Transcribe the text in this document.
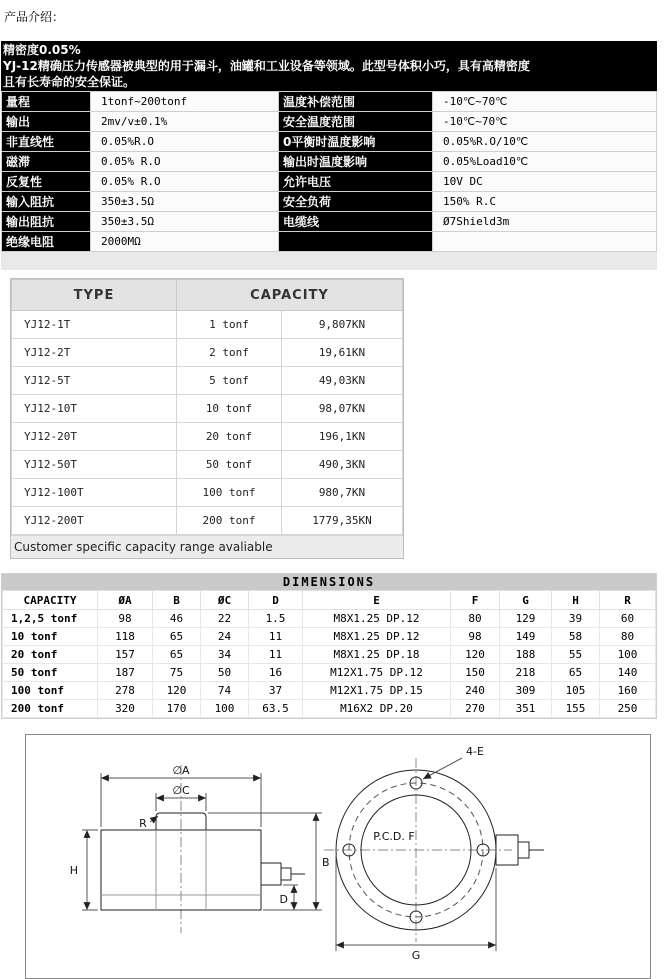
产品介绍：
精密度0.05%
YJ-12精确压力传感器被典型的用于漏斗，油罐和工业设备等领域。此型号体积小巧，具有高精密度
且有长寿命的安全保证。
量程	1tonf~200tonf	温度补偿范围	-10℃~70℃
输出	2mv/v±0.1%	安全温度范围	-10℃~70℃
非直线性	0.05%R.O	0平衡时温度影响	0.05%R.O/10℃
磁滞	0.05% R.O	输出时温度影响	0.05%Load10℃
反复性	0.05% R.O	允许电压	10V DC
输入阻抗	350±3.5Ω	安全负荷	150% R.C
输出阻抗	350±3.5Ω	电缆线	Ø7Shield3m
绝缘电阻	2000MΩ		
TYPE	CAPACITY	
YJ12-1T	1 tonf	9,807KN
YJ12-2T	2 tonf	19,61KN
YJ12-5T	5 tonf	49,03KN
YJ12-10T	10 tonf	98,07KN
YJ12-20T	20 tonf	196,1KN
YJ12-50T	50 tonf	490,3KN
YJ12-100T	100 tonf	980,7KN
YJ12-200T	200 tonf	1779,35KN
Customer specific capacity range avaliable
DIMENSIONS
CAPACITY	ØA	B	ØC	D	E	F	G	H	R
1,2,5 tonf	98	46	22	1.5	M8X1.25 DP.12	80	129	39	60
10 tonf	118	65	24	11	M8X1.25 DP.12	98	149	58	80
20 tonf	157	65	34	11	M8X1.25 DP.18	120	188	55	100
50 tonf	187	75	50	16	M12X1.75 DP.12	150	218	65	140
100 tonf	278	120	74	37	M12X1.75 DP.15	240	309	105	160
200 tonf	320	170	100	63.5	M16X2 DP.20	270	351	155	250
∅A
∅C
H
B
D
R
4-E
P.C.D. F
G
